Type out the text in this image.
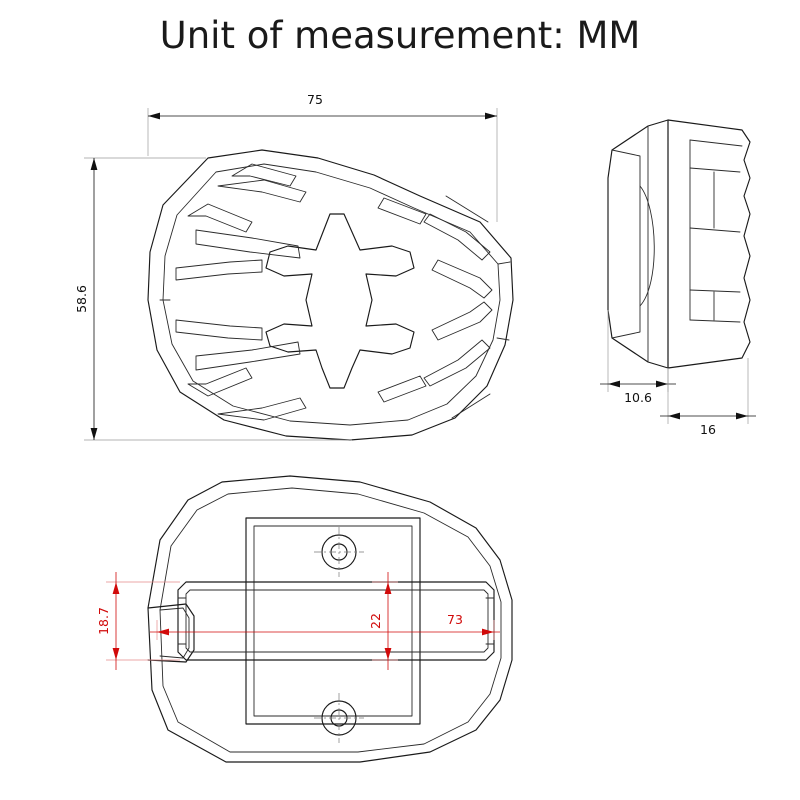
Unit of measurement: MM
75
58.6
10.6
16
18.7	22	73
